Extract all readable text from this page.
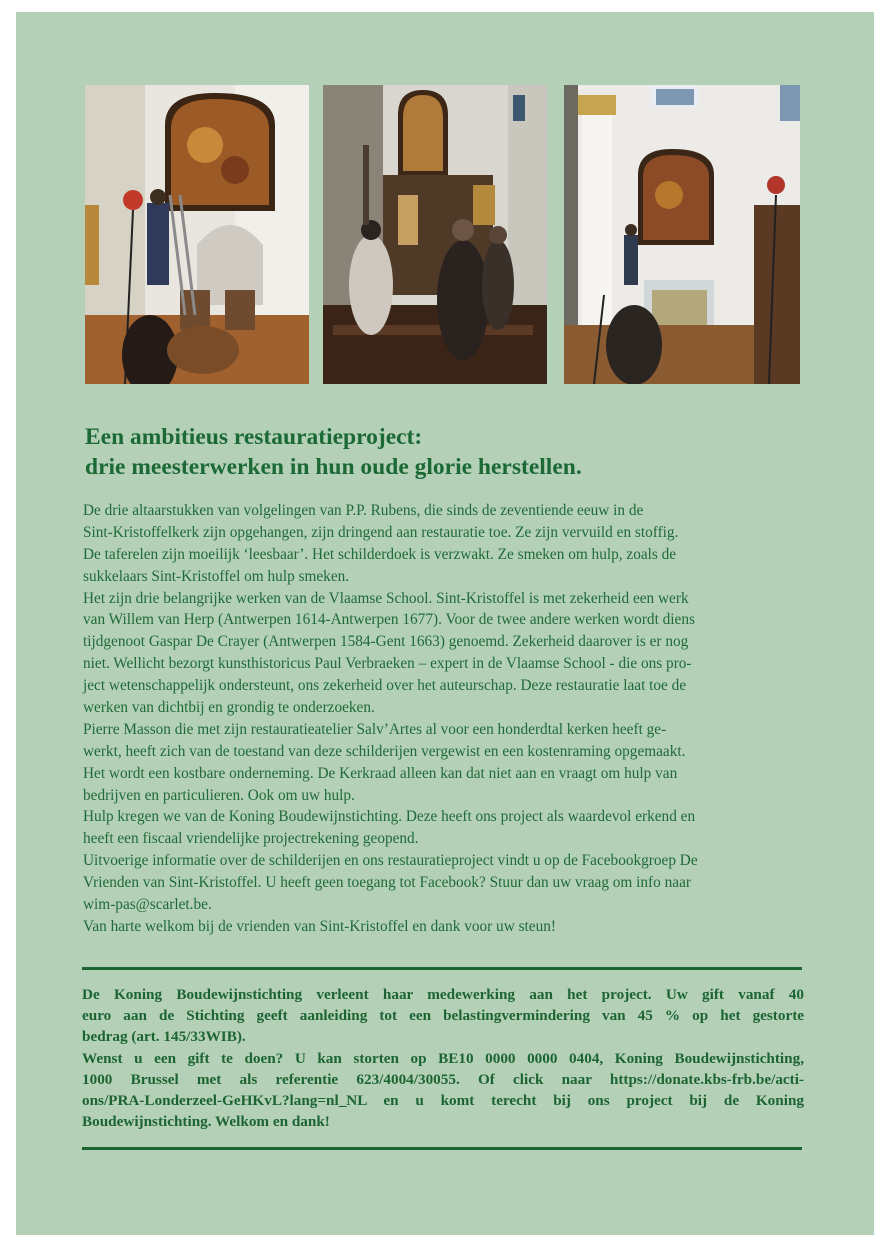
Een ambitieus restauratieproject:
drie meesterwerken in hun oude glorie herstellen.
De drie altaarstukken van volgelingen van P.P. Rubens, die sinds de zeventiende eeuw in de
Sint-Kristoffelkerk zijn opgehangen, zijn dringend aan restauratie toe. Ze zijn vervuild en stoffig.
De taferelen zijn moeilijk ‘leesbaar’. Het schilderdoek is verzwakt. Ze smeken om hulp, zoals de
sukkelaars Sint-Kristoffel om hulp smeken.
Het zijn drie belangrijke werken van de Vlaamse School. Sint-Kristoffel is met zekerheid een werk
van Willem van Herp (Antwerpen 1614-Antwerpen 1677). Voor de twee andere werken wordt diens
tijdgenoot Gaspar De Crayer (Antwerpen 1584-Gent 1663) genoemd. Zekerheid daarover is er nog
niet. Wellicht bezorgt kunsthistoricus Paul Verbraeken – expert in de Vlaamse School - die ons pro-
ject wetenschappelijk ondersteunt, ons zekerheid over het auteurschap. Deze restauratie laat toe de
werken van dichtbij en grondig te onderzoeken.
Pierre Masson die met zijn restauratieatelier Salv’Artes al voor een honderdtal kerken heeft ge-
werkt, heeft zich van de toestand van deze schilderijen vergewist en een kostenraming opgemaakt.
Het wordt een kostbare onderneming. De Kerkraad alleen kan dat niet aan en vraagt om hulp van
bedrijven en particulieren. Ook om uw hulp.
Hulp kregen we van de Koning Boudewijnstichting. Deze heeft ons project als waardevol erkend en
heeft een fiscaal vriendelijke projectrekening geopend.
Uitvoerige informatie over de schilderijen en ons restauratieproject vindt u op de Facebookgroep De
Vrienden van Sint-Kristoffel. U heeft geen toegang tot Facebook? Stuur dan uw vraag om info naar
wim-pas@scarlet.be.
Van harte welkom bij de vrienden van Sint-Kristoffel en dank voor uw steun!
De Koning Boudewijnstichting verleent haar medewerking aan het project. Uw gift vanaf 40
euro aan de Stichting geeft aanleiding tot een belastingvermindering van 45 % op het gestorte
bedrag (art. 145/33WIB).
Wenst u een gift te doen? U kan storten op BE10 0000 0000 0404, Koning Boudewijnstichting,
1000 Brussel met als referentie 623/4004/30055. Of click naar https://donate.kbs-frb.be/acti-
ons/PRA-Londerzeel-GeHKvL?lang=nl_NL en u komt terecht bij ons project bij de Koning
Boudewijnstichting. Welkom en dank!
